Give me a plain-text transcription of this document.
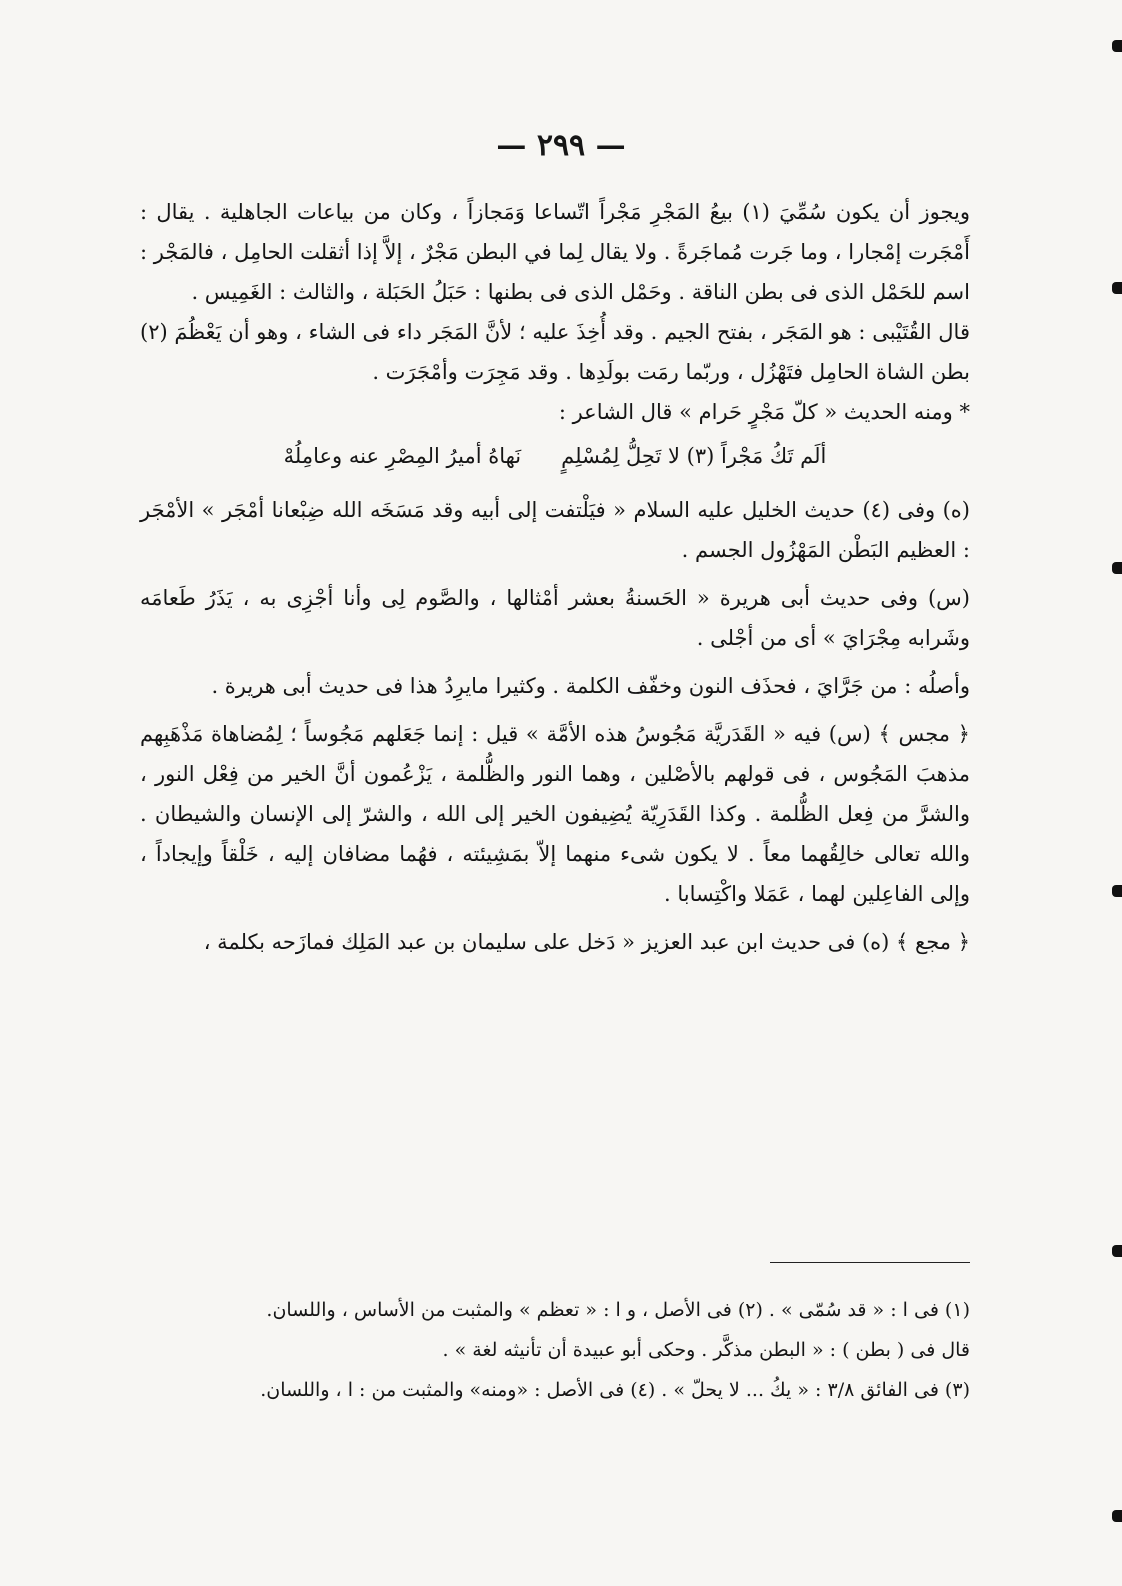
— ٢٩٩ —

ويجوز أن يكون سُمِّيَ (١) بيعُ المَجْرِ مَجْراً اتّساعا وَمَجازاً ، وكان من بياعات الجاهلية . يقال : أَمْجَرت إمْجارا ، وما جَرت مُماجَرةً . ولا يقال لِما في البطن مَجْرٌ ، إلاَّ إذا أثقلت الحامِل ، فالمَجْر : اسم للحَمْل الذى فى بطن الناقة . وحَمْل الذى فى بطنها : حَبَلُ الحَبَلة ، والثالث : الغَمِيس .

قال القُتَيْبى : هو المَجَر ، بفتح الجيم . وقد أُخِذَ عليه ؛ لأنَّ المَجَر داء فى الشاء ، وهو أن يَعْظُمَ (٢) بطن الشاة الحامِل فتَهْزُل ، وربّما رمَت بولَدِها . وقد مَجِرَت وأمْجَرَت .

* ومنه الحديث « كلّ مَجْرٍ حَرام » قال الشاعر :

ألَم تَكُ مَجْراً (٣) لا تَحِلُّ لِمُسْلِمٍنَهاهُ أميرُ المِصْرِ عنه وعامِلُهْ

(ه) وفى (٤) حديث الخليل عليه السلام « فيَلْتفت إلى أبيه وقد مَسَخَه الله ضِبْعانا أمْجَر » الأمْجَر : العظيم البَطْن المَهْزُول الجسم .

(س) وفى حديث أبى هريرة « الحَسنةُ بعشر أمْثالها ، والصَّوم لِى وأنا أجْزِى به ، يَذَرُ طَعامَه وشَرابه مِجْرَايَ » أى من أجْلى .

وأصلُه : من جَرَّايَ ، فحذَف النون وخفّف الكلمة . وكثيرا مايرِدُ هذا فى حديث أبى هريرة .

﴿ مجس ﴾ (س) فيه « القَدَريَّة مَجُوسُ هذه الأمَّة » قيل : إنما جَعَلهم مَجُوساً ؛ لِمُضاهاة مَذْهَبِهم مذهبَ المَجُوس ، فى قولهم بالأصْلين ، وهما النور والظُّلمة ، يَزْعُمون أنَّ الخير من فِعْل النور ، والشرَّ من فِعل الظُّلمة . وكذا القَدَرِيّة يُضِيفون الخير إلى الله ، والشرّ إلى الإنسان والشيطان . والله تعالى خالِقُهما معاً . لا يكون شىء منهما إلاّ بمَشِيئته ، فهُما مضافان إليه ، خَلْقاً وإيجاداً ، وإلى الفاعِلين لهما ، عَمَلا واكْتِسابا .

﴿ مجع ﴾ (ه) فى حديث ابن عبد العزيز « دَخل على سليمان بن عبد المَلِك فمازَحه بكلمة ،

(١) فى ا : « قد سُمّى » . (٢) فى الأصل ، و ا : « تعظم » والمثبت من الأساس ، واللسان.

قال فى ( بطن ) : « البطن مذكَّر . وحكى أبو عبيدة أن تأنيثه لغة » .

(٣) فى الفائق ٣/٨ : « يكُ ... لا يحلّ » . (٤) فى الأصل : «ومنه» والمثبت من : ا ، واللسان.
